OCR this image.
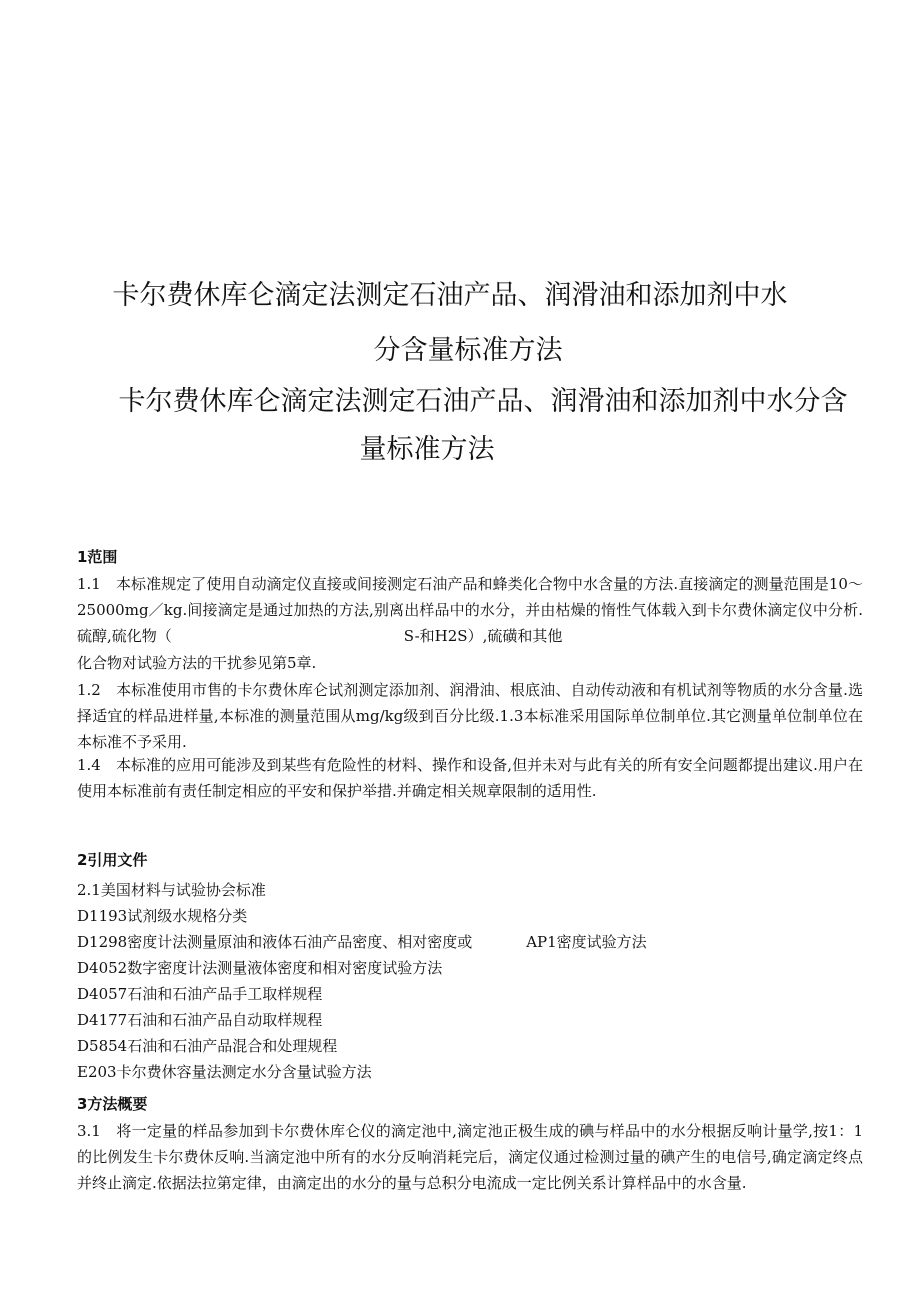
卡尔费休库仑滴定法测定石油产品、润滑油和添加剂中水
分含量标准方法
卡尔费休库仑滴定法测定石油产品、润滑油和添加剂中水分含
量标准方法
1范围
1.1　本标准规定了使用自动滴定仪直接或间接测定石油产品和蜂类化合物中水含量的方法.直接滴定的测量范围是10～25000mg／kg.间接滴定是通过加热的方法,别离出样品中的水分，并由枯燥的惰性气体载入到卡尔费休滴定仪中分析.硫醇,硫化物（	S-和H2S）,硫磺和其他
化合物对试验方法的干扰参见第5章.
1.2　本标准使用市售的卡尔费休库仑试剂测定添加剂、润滑油、根底油、自动传动液和有机试剂等物质的水分含量.选择适宜的样品进样量,本标准的测量范围从mg/kg级到百分比级.1.3本标准采用国际单位制单位.其它测量单位制单位在本标准不予采用.
1.4　本标准的应用可能涉及到某些有危险性的材料、操作和设备,但并未对与此有关的所有安全问题都提出建议.用户在使用本标准前有责任制定相应的平安和保护举措.并确定相关规章限制的适用性.
2引用文件
2.1美国材料与试验协会标准
D1193试剂级水规格分类
D1298密度计法测量原油和液体石油产品密度、相对密度或	AP1密度试验方法
D4052数字密度计法测量液体密度和相对密度试验方法
D4057石油和石油产品手工取样规程
D4177石油和石油产品自动取样规程
D5854石油和石油产品混合和处理规程
E203卡尔费休容量法测定水分含量试验方法
3方法概要
3.1　将一定量的样品参加到卡尔费休库仑仪的滴定池中,滴定池正极生成的碘与样品中的水分根据反响计量学,按1：1的比例发生卡尔费休反响.当滴定池中所有的水分反响消耗完后，滴定仪通过检测过量的碘产生的电信号,确定滴定终点并终止滴定.依据法拉第定律，由滴定出的水分的量与总积分电流成一定比例关系计算样品中的水含量.
